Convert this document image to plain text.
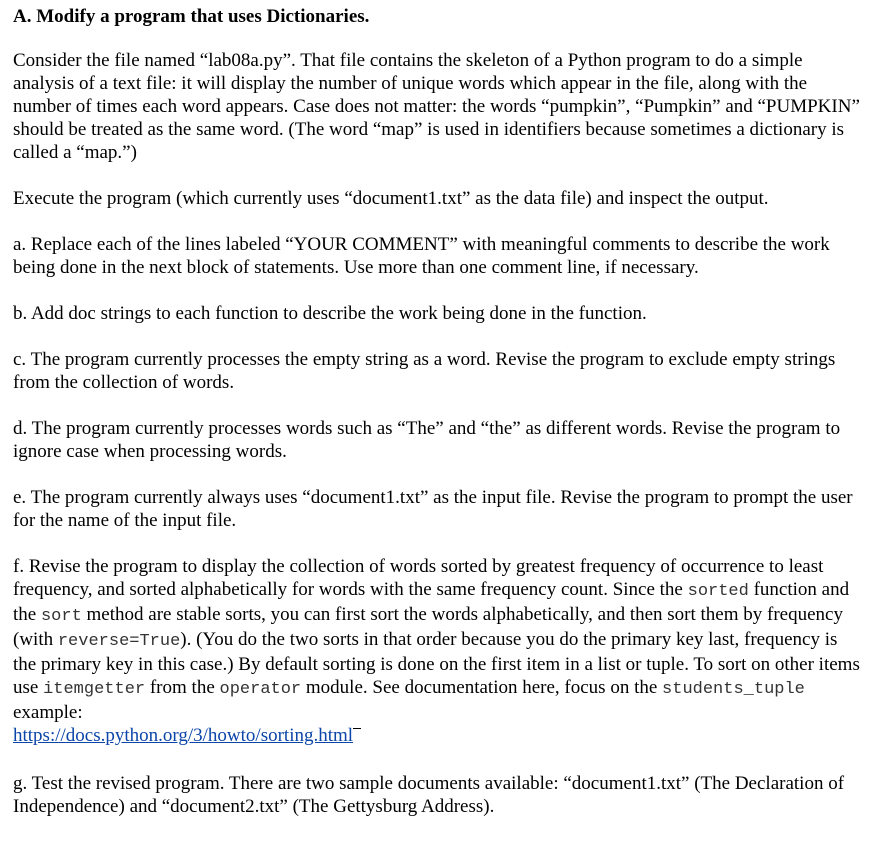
A. Modify a program that uses Dictionaries.

Consider the file named “lab08a.py”. That file contains the skeleton of a Python program to do a simple analysis of a text file: it will display the number of unique words which appear in the file, along with the number of times each word appears. Case does not matter: the words “pumpkin”, “Pumpkin” and “PUMPKIN” should be treated as the same word. (The word “map” is used in identifiers because sometimes a dictionary is called a “map.”)

Execute the program (which currently uses “document1.txt” as the data file) and inspect the output.

a. Replace each of the lines labeled “YOUR COMMENT” with meaningful comments to describe the work being done in the next block of statements. Use more than one comment line, if necessary.

b. Add doc strings to each function to describe the work being done in the function.

c. The program currently processes the empty string as a word. Revise the program to exclude empty strings from the collection of words.

d. The program currently processes words such as “The” and “the” as different words. Revise the program to ignore case when processing words.

e. The program currently always uses “document1.txt” as the input file. Revise the program to prompt the user for the name of the input file.

f. Revise the program to display the collection of words sorted by greatest frequency of occurrence to least frequency, and sorted alphabetically for words with the same frequency count. Since the sorted function and the sort method are stable sorts, you can first sort the words alphabetically, and then sort them by frequency (with reverse=True). (You do the two sorts in that order because you do the primary key last, frequency is the primary key in this case.) By default sorting is done on the first item in a list or tuple. To sort on other items use itemgetter from the operator module. See documentation here, focus on the students_tuple example:
https://docs.python.org/3/howto/sorting.html

g. Test the revised program. There are two sample documents available: “document1.txt” (The Declaration of Independence) and “document2.txt” (The Gettysburg Address).
